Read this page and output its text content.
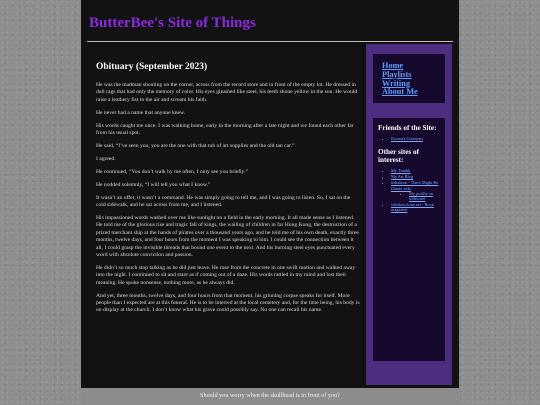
ButterBee's Site of Things
Obituary (September 2023)

He was the madman shouting on the corner, across from the record store and in front of the empty lot. He dressed in dull rags that had only the memory of color. His eyes gleamed like steel, his teeth shone yellow in the sun. He would raise a leathery fist in the air and scream his faith.

He never had a name that anyone knew.

His words caught me once. I was walking home, early in the morning after a late night and we found each other far from his usual spot.

He said, “I’ve seen you, you are the one with that tub of art supplies and the old tan car.”

I agreed.

He continued, “You don’t walk by me often, I only see you briefly.”

He nodded solemnly, “I will tell you what I know.”

It wasn’t an offer, it wasn’t a command. He was simply going to tell me, and I was going to listen. So, I sat on the cold sidewalk, and he sat across from me, and I listened.

His impassioned words washed over me like sunlight on a field in the early morning. It all made sense as I listened. He told me of the glorious rise and tragic fall of kings, the wailing of children in far Hong Kong, the destruction of a prized merchant ship at the hands of pirates over a thousand years ago, and he told me of his own death, exactly three months, twelve days, and four hours from the moment I was speaking to him. I could see the connection between it all, I could grasp the invisible threads that bound one event to the next. And his burning steel eyes punctuated every word with absolute conviction and passion.

He didn’t so much stop talking as he did just leave. He rose from the concrete in one swift motion and walked away into the night. I continued to sit and stare as if coming out of a daze. His words rattled in my mind and lost their meaning. He spoke nonsense, nothing more, as he always did.

And yet, three months, twelve days, and four hours from that moment, his grinning corpse speaks for itself. More people than I expected are at this funeral. He is to be interred at the local cemetery and, for the time being, his body is on display at the church. I don’t know what his grave could possibly say. No one can recall his name.

Home
Playlists
Writing
About Me
Friends of the Site:
• Koomi's Creations
Other sites of interest:
• My Tumblr
• My Art Blog
• tedtalesat - There Might Be Giants wiki
• My profile on webw.net
• whiskeyclone.net - Book magazine
Should you worry when the skullhead is in front of you?
